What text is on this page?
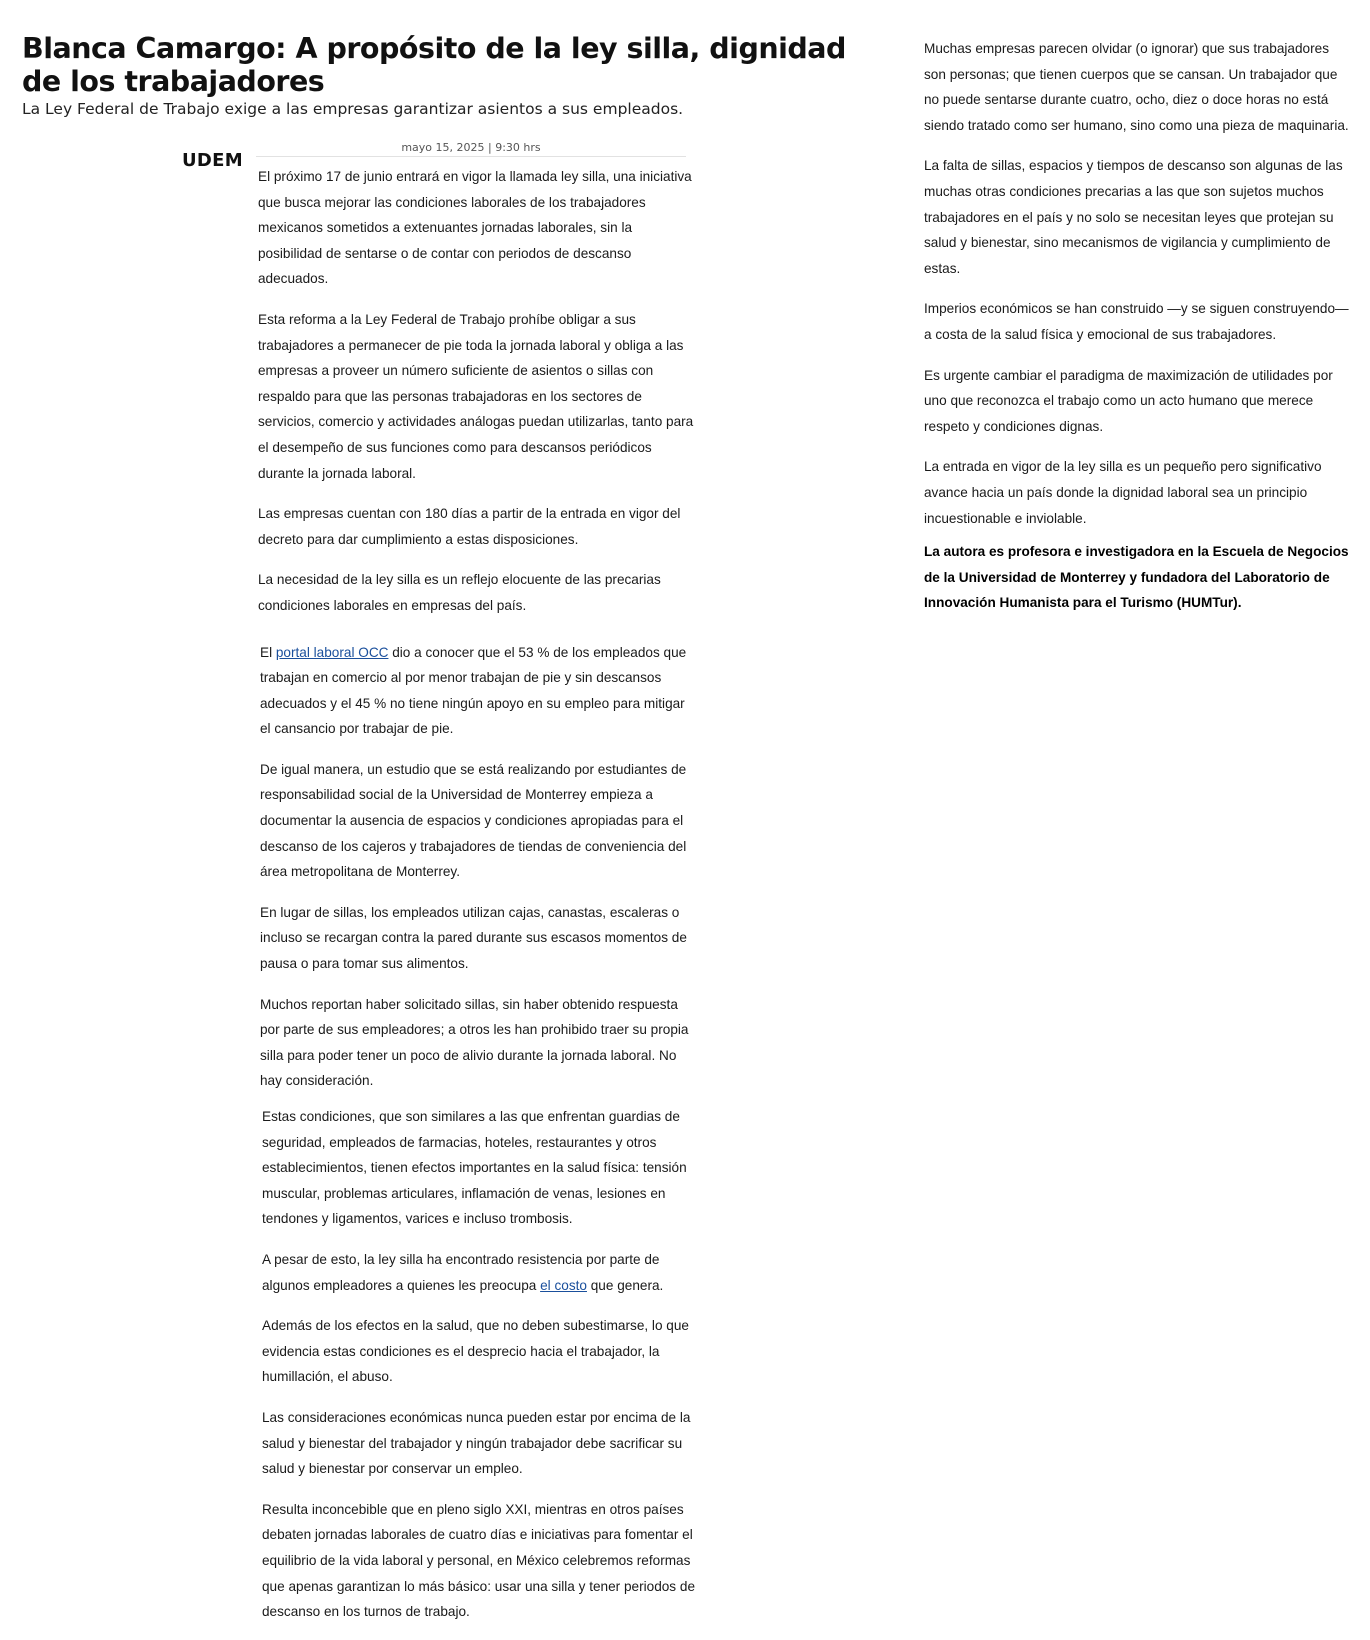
Blanca Camargo: A propósito de la ley silla, dignidad de los trabajadores

La Ley Federal de Trabajo exige a las empresas garantizar asientos a sus empleados.

UDEM
mayo 15, 2025 | 9:30 hrs

El próximo 17 de junio entrará en vigor la llamada ley silla, una iniciativa que busca mejorar las condiciones laborales de los trabajadores mexicanos sometidos a extenuantes jornadas laborales, sin la posibilidad de sentarse o de contar con periodos de descanso adecuados.

Esta reforma a la Ley Federal de Trabajo prohíbe obligar a sus trabajadores a permanecer de pie toda la jornada laboral y obliga a las empresas a proveer un número suficiente de asientos o sillas con respaldo para que las personas trabajadoras en los sectores de servicios, comercio y actividades análogas puedan utilizarlas, tanto para el desempeño de sus funciones como para descansos periódicos durante la jornada laboral.

Las empresas cuentan con 180 días a partir de la entrada en vigor del decreto para dar cumplimiento a estas disposiciones.

La necesidad de la ley silla es un reflejo elocuente de las precarias condiciones laborales en empresas del país.

El portal laboral OCC dio a conocer que el 53 % de los empleados que trabajan en comercio al por menor trabajan de pie y sin descansos adecuados y el 45 % no tiene ningún apoyo en su empleo para mitigar el cansancio por trabajar de pie.

De igual manera, un estudio que se está realizando por estudiantes de responsabilidad social de la Universidad de Monterrey empieza a documentar la ausencia de espacios y condiciones apropiadas para el descanso de los cajeros y trabajadores de tiendas de conveniencia del área metropolitana de Monterrey.

En lugar de sillas, los empleados utilizan cajas, canastas, escaleras o incluso se recargan contra la pared durante sus escasos momentos de pausa o para tomar sus alimentos.

Muchos reportan haber solicitado sillas, sin haber obtenido respuesta por parte de sus empleadores; a otros les han prohibido traer su propia silla para poder tener un poco de alivio durante la jornada laboral. No hay consideración.

Estas condiciones, que son similares a las que enfrentan guardias de seguridad, empleados de farmacias, hoteles, restaurantes y otros establecimientos, tienen efectos importantes en la salud física: tensión muscular, problemas articulares, inflamación de venas, lesiones en tendones y ligamentos, varices e incluso trombosis.

A pesar de esto, la ley silla ha encontrado resistencia por parte de algunos empleadores a quienes les preocupa el costo que genera.

Además de los efectos en la salud, que no deben subestimarse, lo que evidencia estas condiciones es el desprecio hacia el trabajador, la humillación, el abuso.

Las consideraciones económicas nunca pueden estar por encima de la salud y bienestar del trabajador y ningún trabajador debe sacrificar su salud y bienestar por conservar un empleo.

Resulta inconcebible que en pleno siglo XXI, mientras en otros países debaten jornadas laborales de cuatro días e iniciativas para fomentar el equilibrio de la vida laboral y personal, en México celebremos reformas que apenas garantizan lo más básico: usar una silla y tener periodos de descanso en los turnos de trabajo.

Muchas empresas parecen olvidar (o ignorar) que sus trabajadores son personas; que tienen cuerpos que se cansan. Un trabajador que no puede sentarse durante cuatro, ocho, diez o doce horas no está siendo tratado como ser humano, sino como una pieza de maquinaria.

La falta de sillas, espacios y tiempos de descanso son algunas de las muchas otras condiciones precarias a las que son sujetos muchos trabajadores en el país y no solo se necesitan leyes que protejan su salud y bienestar, sino mecanismos de vigilancia y cumplimiento de estas.

Imperios económicos se han construido —y se siguen construyendo— a costa de la salud física y emocional de sus trabajadores.

Es urgente cambiar el paradigma de maximización de utilidades por uno que reconozca el trabajo como un acto humano que merece respeto y condiciones dignas.

La entrada en vigor de la ley silla es un pequeño pero significativo avance hacia un país donde la dignidad laboral sea un principio incuestionable e inviolable.

La autora es profesora e investigadora en la Escuela de Negocios de la Universidad de Monterrey y fundadora del Laboratorio de Innovación Humanista para el Turismo (HUMTur).
